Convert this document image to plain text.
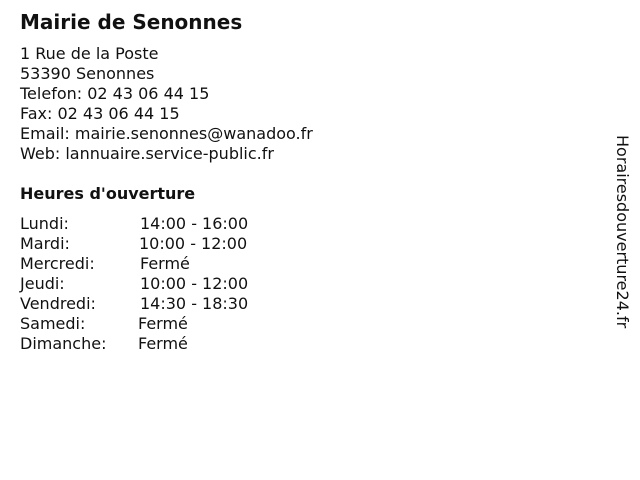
Mairie de Senonnes
1 Rue de la Poste
53390 Senonnes
Telefon: 02 43 06 44 15
Fax: 02 43 06 44 15
Email: mairie.senonnes@wanadoo.fr
Web: lannuaire.service-public.fr
Heures d'ouverture
Lundi:	14:00 - 16:00
Mardi:	10:00 - 12:00
Mercredi:	Fermé
Jeudi:	10:00 - 12:00
Vendredi:	14:30 - 18:30
Samedi:	Fermé
Dimanche: Fermé
Horairesdouverture24.fr
